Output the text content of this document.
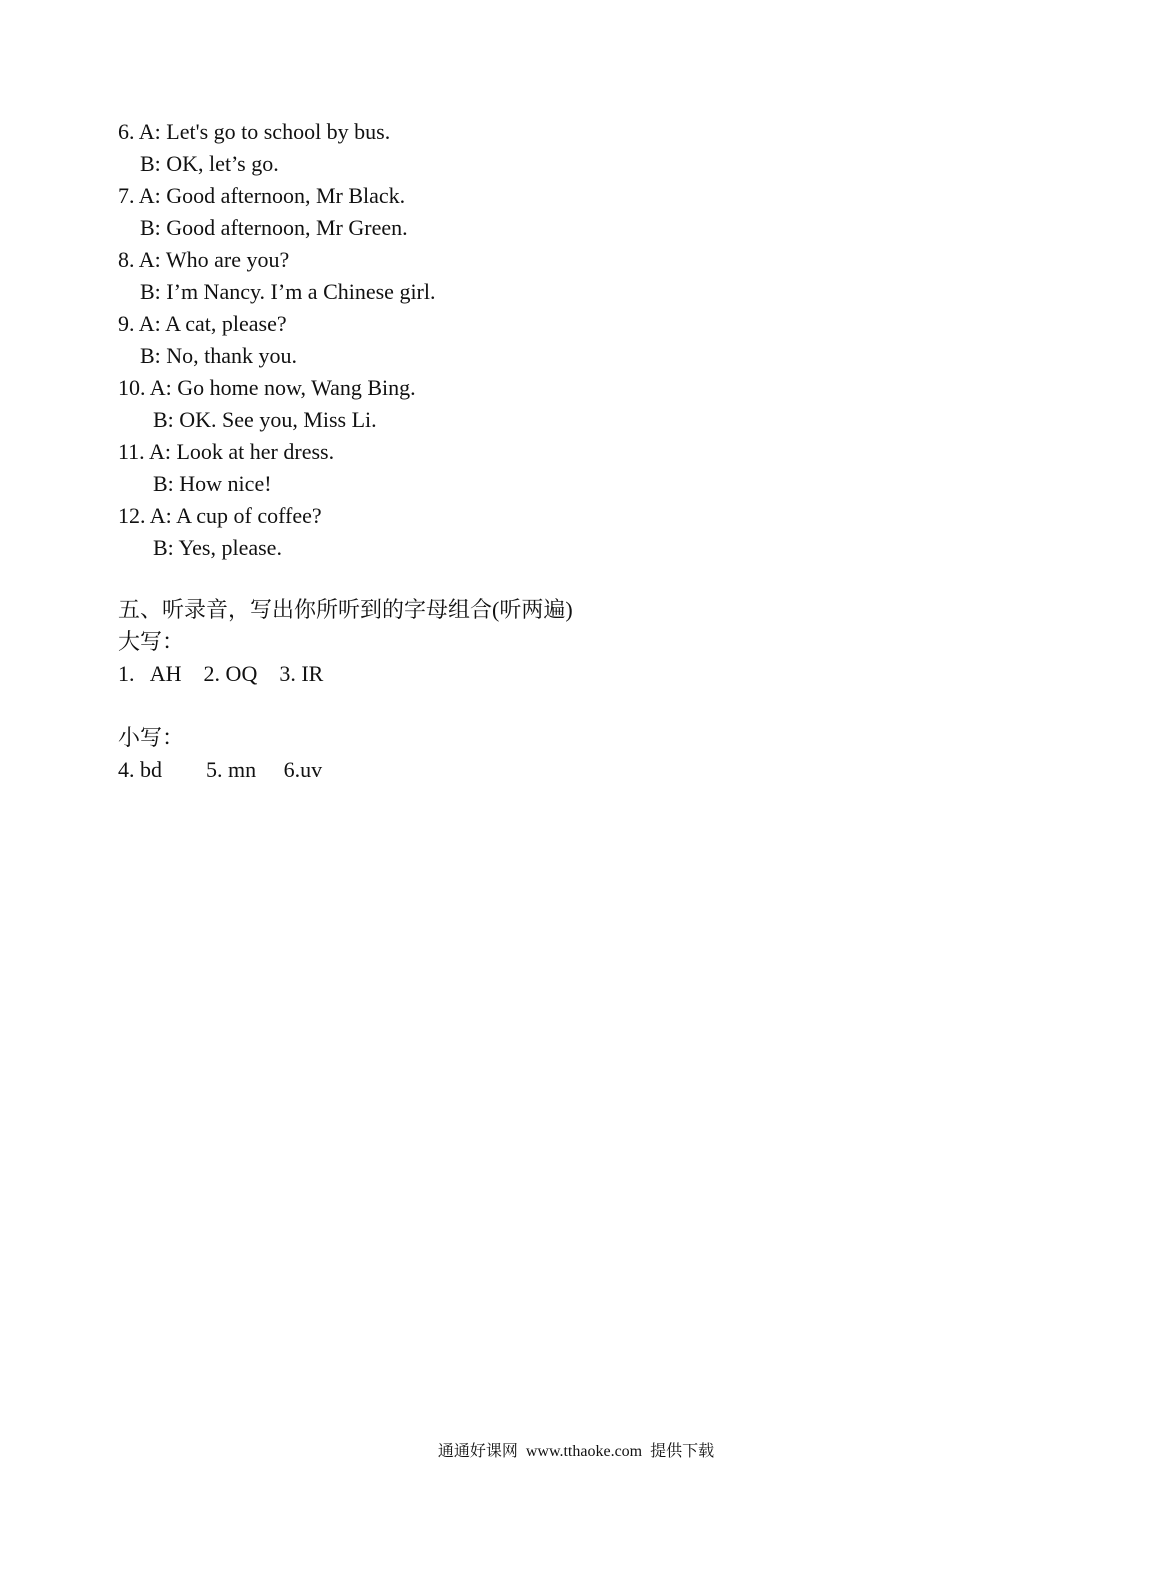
6. A: Let's go to school by bus.
B: OK, let’s go.
7. A: Good afternoon, Mr Black.
B: Good afternoon, Mr Green.
8. A: Who are you?
B: I’m Nancy. I’m a Chinese girl.
9. A: A cat, please?
B: No, thank you.
10. A: Go home now, Wang Bing.
B: OK. See you, Miss Li.
11. A: Look at her dress.
B: How nice!
12. A: A cup of coffee?
B: Yes, please.
五、听录音，写出你所听到的字母组合(听两遍)
大写：
1.   AH    2. OQ    3. IR
小写：
4. bd        5. mn     6.uv
通通好课网  www.tthaoke.com  提供下载
